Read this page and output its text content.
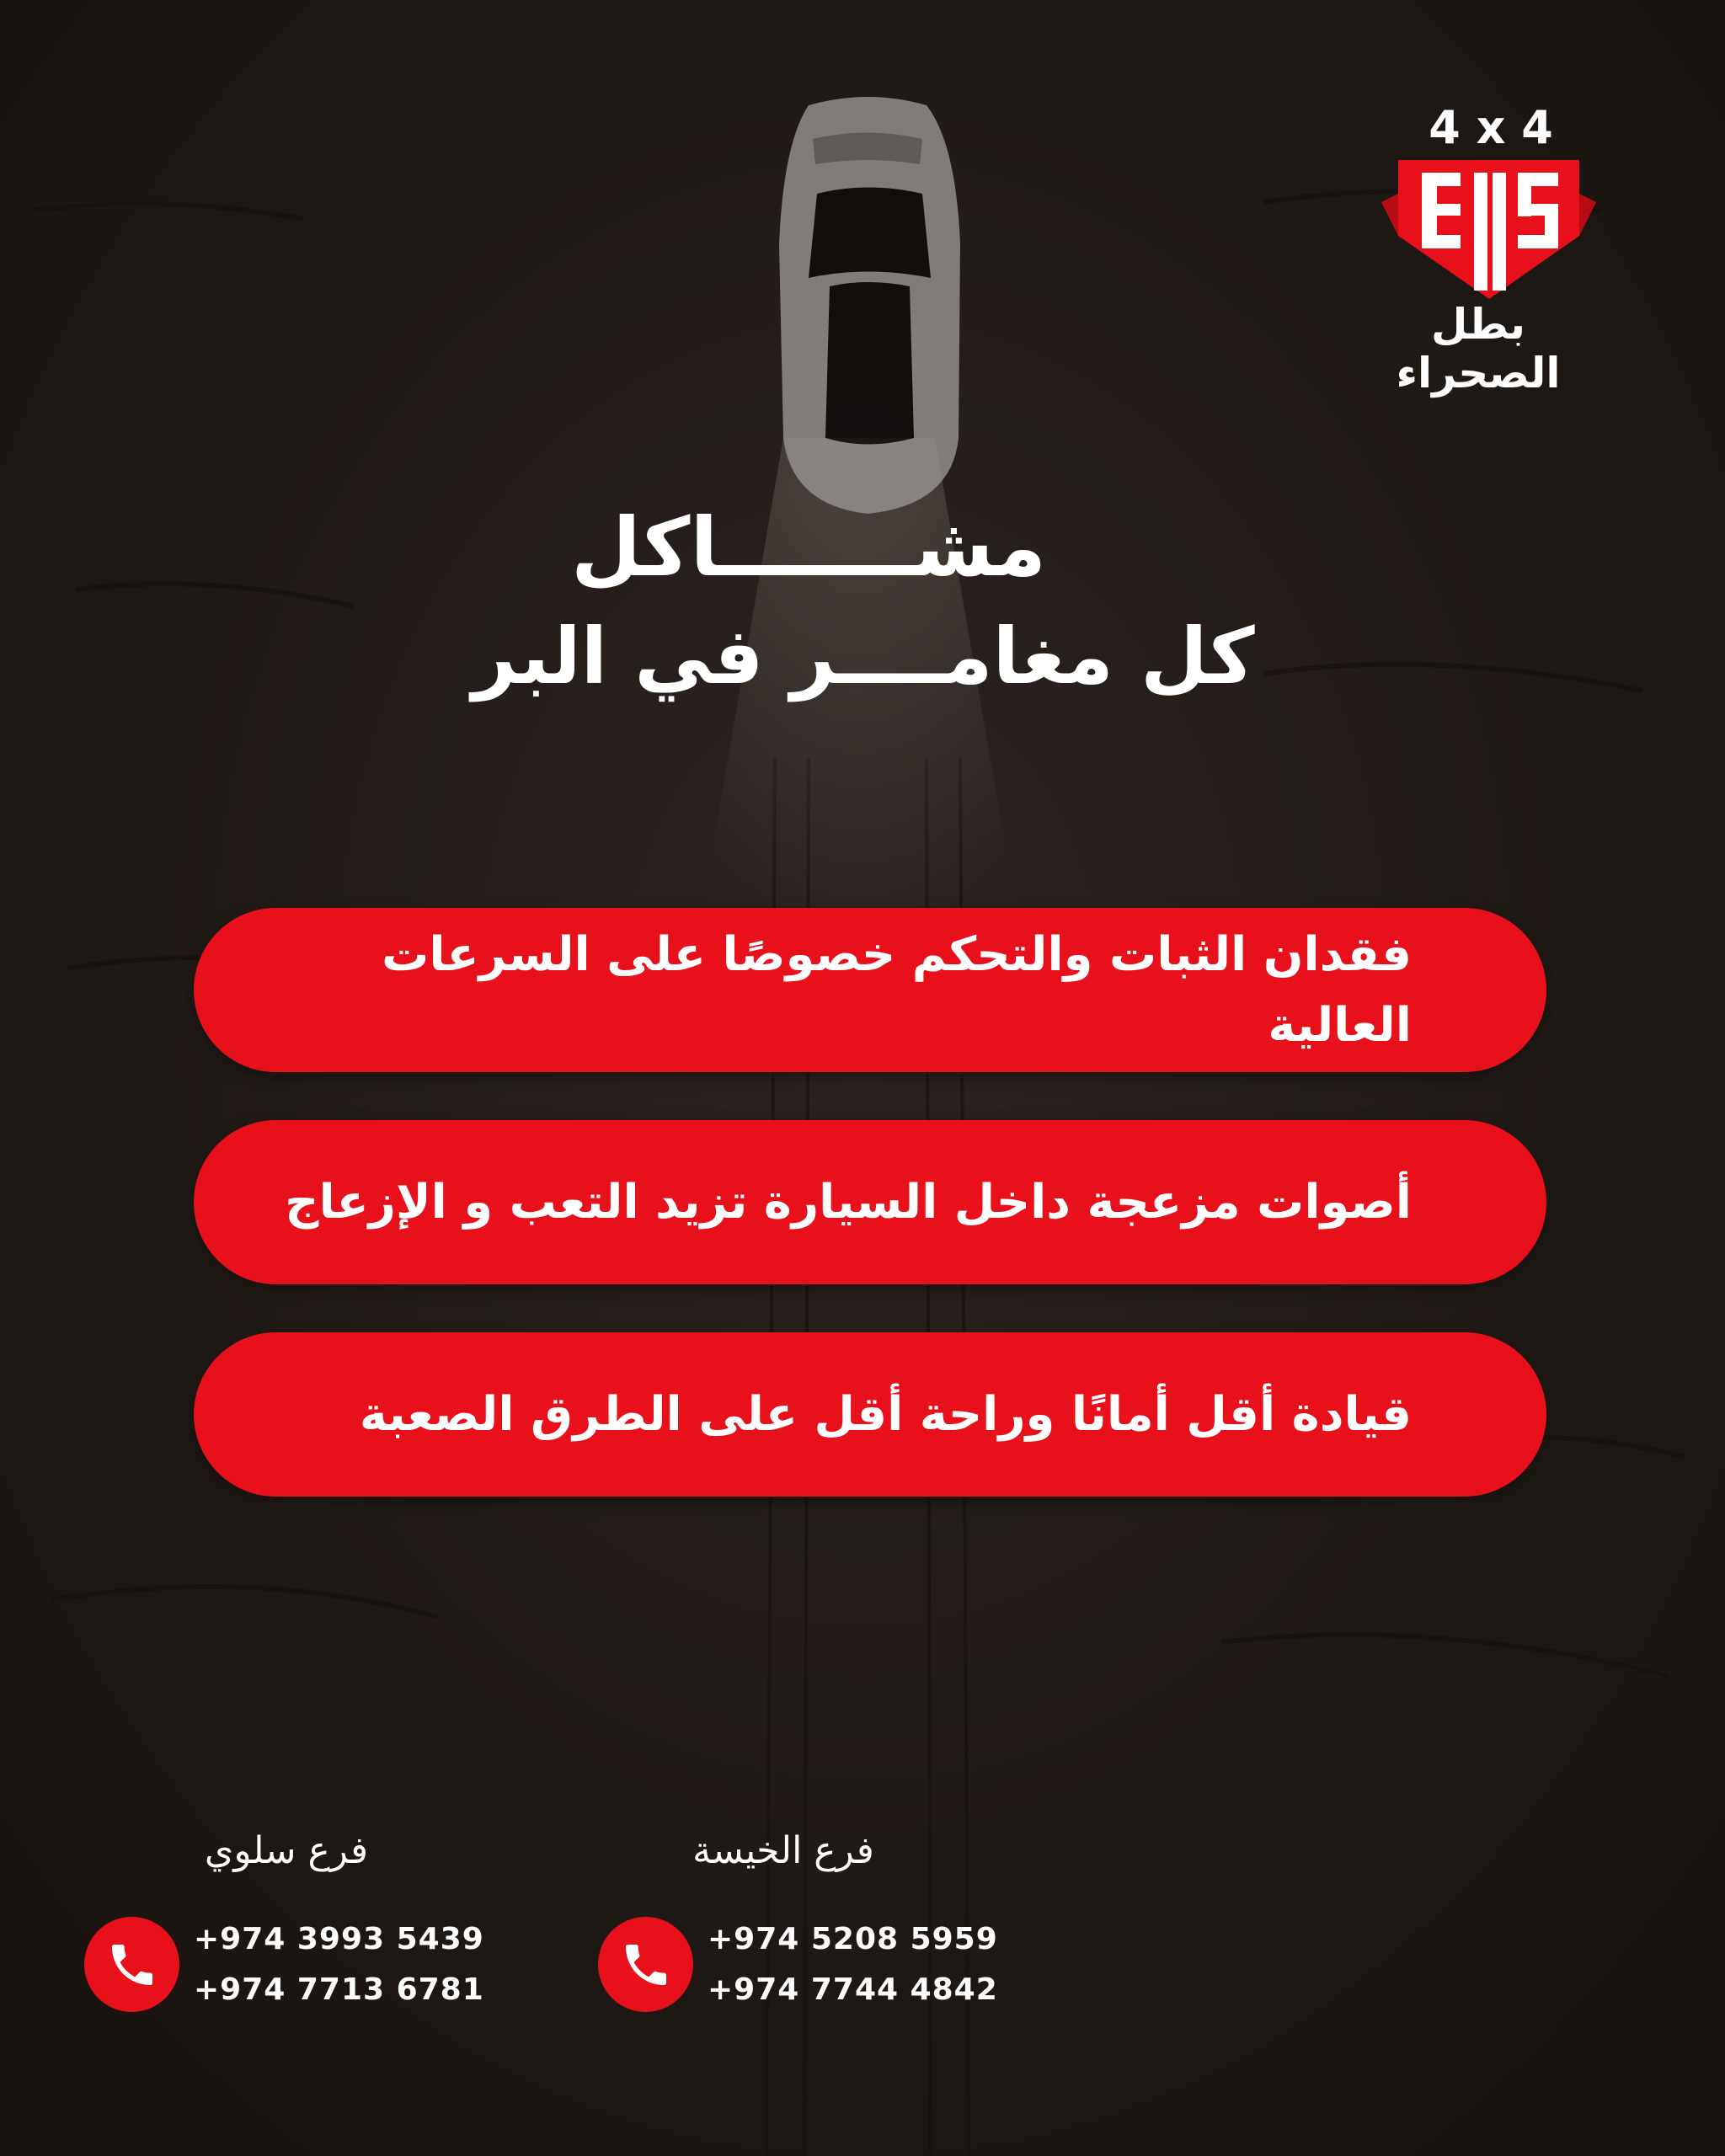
4 x 4
بطل الصحراء
مشـــــــاكل
كل مغامــــر في البر
فقدان الثبات والتحكم خصوصًا على السرعات العالية
أصوات مزعجة داخل السيارة تزيد التعب و الإزعاج
قيادة أقل أمانًا وراحة أقل على الطرق الصعبة
فرع سلوي
+974 3993 5439
+974 7713 6781
فرع الخيسة
+974 5208 5959
+974 7744 4842
